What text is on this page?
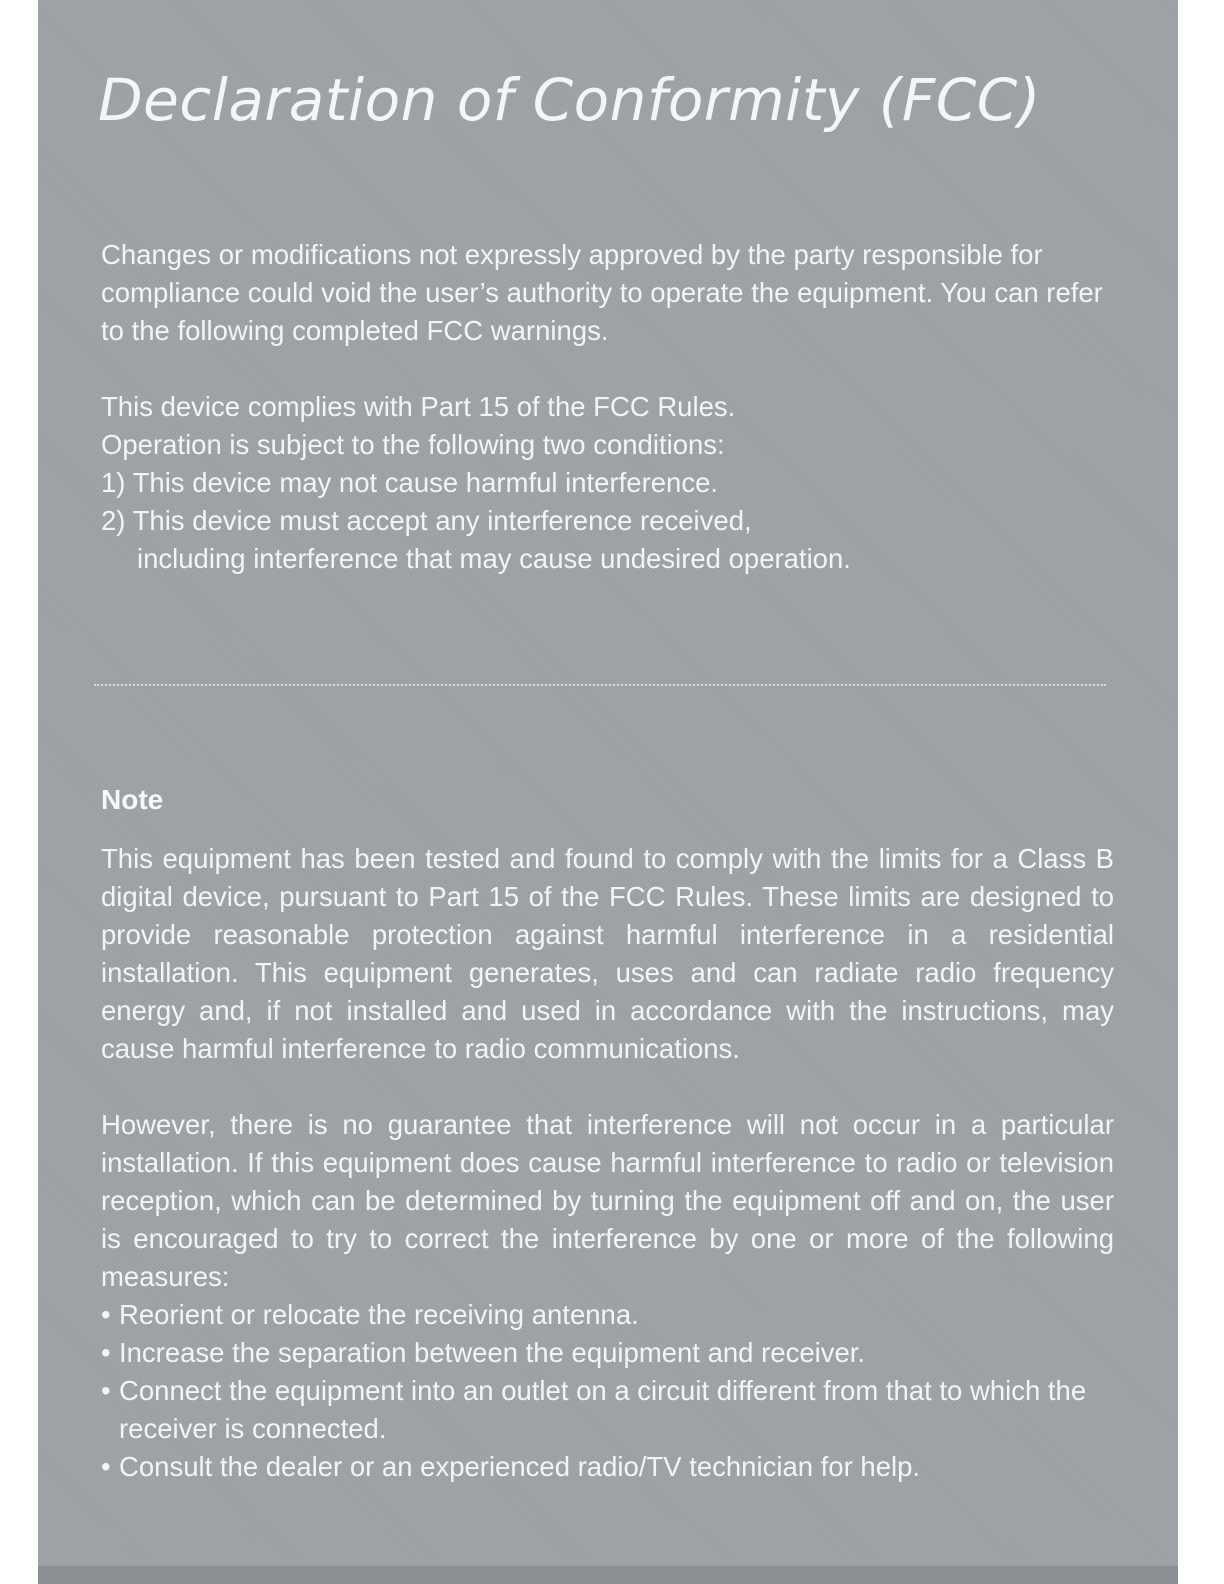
Declaration of Conformity (FCC)

Changes or modifications not expressly approved by the party responsible for compliance could void the user’s authority to operate the equipment. You can refer to the following completed FCC warnings.

This device complies with Part 15 of the FCC Rules.
Operation is subject to the following two conditions:
1) This device may not cause harmful interference.
2) This device must accept any interference received,
including interference that may cause undesired operation.
Note

This equipment has been tested and found to comply with the limits for a Class B digital device, pursuant to Part 15 of the FCC Rules. These limits are designed to provide reasonable protection against harmful interference in a residential installation. This equipment generates, uses and can radiate radio frequency energy and, if not installed and used in accordance with the instructions, may cause harmful interference to radio communications.

However, there is no guarantee that interference will not occur in a particular installation. If this equipment does cause harmful interference to radio or television reception, which can be determined by turning the equipment off and on, the user is encouraged to try to correct the interference by one or more of the following measures:

• Reorient or relocate the receiving antenna.
• Increase the separation between the equipment and receiver.
• Connect the equipment into an outlet on a circuit different from that to which the receiver is connected.
• Consult the dealer or an experienced radio/TV technician for help.
